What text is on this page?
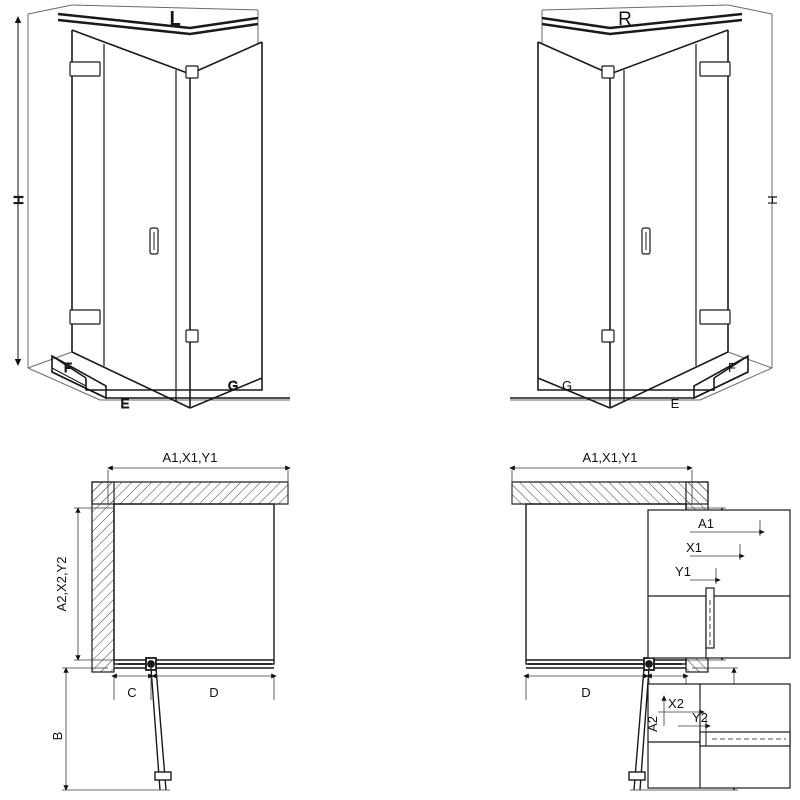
L
H
F
E
G
R
H
F
E
G
A1,X1,Y1
A2,X2,Y2
C	D
B
A1,X1,Y1
D
A1
X1
Y1
A2
X2
Y2
